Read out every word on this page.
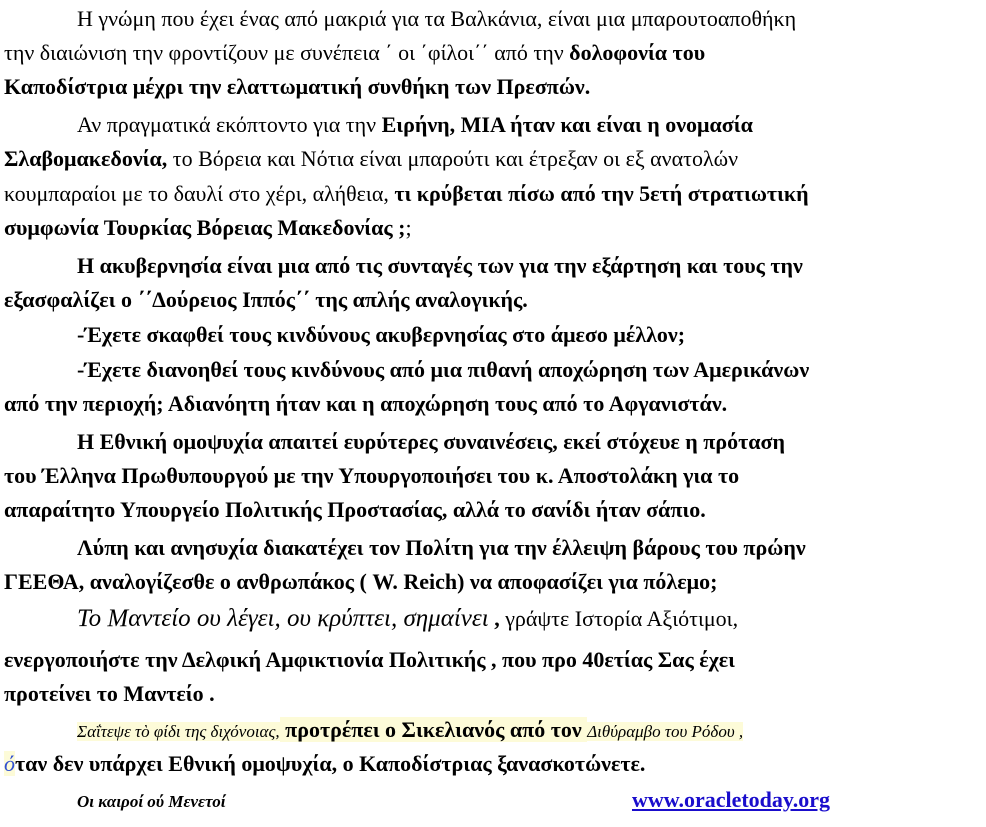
Η γνώμη που έχει ένας από μακριά για τα Βαλκάνια, είναι μια μπαρουτοαποθήκη
την διαιώνιση την φροντίζουν με συνέπεια ΄ οι ΄φίλοι΄΄ από την δολοφονία του
Καποδίστρια μέχρι την ελαττωματική συνθήκη των Πρεσπών.
Αν πραγματικά εκόπτοντο για την Ειρήνη, ΜΙΑ ήταν και είναι η ονομασία
Σλαβομακεδονία, το Βόρεια και Νότια είναι μπαρούτι και έτρεξαν οι εξ ανατολών
κουμπαραίοι με το δαυλί στο χέρι, αλήθεια, τι κρύβεται πίσω από την 5ετή στρατιωτική
συμφωνία Τουρκίας Βόρειας Μακεδονίας ;;
Η ακυβερνησία είναι μια από τις συνταγές των για την εξάρτηση και τους την
εξασφαλίζει ο ΄΄Δούρειος Ιππός΄΄ της απλής αναλογικής.
-Έχετε σκαφθεί τους κινδύνους ακυβερνησίας στο άμεσο μέλλον;
-Έχετε διανοηθεί τους κινδύνους από μια πιθανή αποχώρηση των Αμερικάνων
από την περιοχή; Αδιανόητη ήταν και η αποχώρηση τους από το Αφγανιστάν.
Η Εθνική ομοψυχία απαιτεί ευρύτερες συναινέσεις, εκεί στόχευε η πρόταση
του Έλληνα Πρωθυπουργού με την Υπουργοποιήσει του κ. Αποστολάκη για το
απαραίτητο Υπουργείο Πολιτικής Προστασίας, αλλά το σανίδι ήταν σάπιο.
Λύπη και ανησυχία διακατέχει τον Πολίτη για την έλλειψη βάρους του πρώην
ΓΕΕΘΑ, αναλογίζεσθε ο ανθρωπάκος ( W. Reich) να αποφασίζει για πόλεμο;
Το Μαντείο ου λέγει, ου κρύπτει, σημαίνει , γράψτε Ιστορία Αξιότιμοι,
ενεργοποιήστε την Δελφική Αμφικτιονία Πολιτικής , που προ 40ετίας Σας έχει
προτείνει το Μαντείο .
Σαΐτεψε τὸ φίδι της διχόνοιας, προτρέπει ο Σικελιανός από τον Διθύραμβο του Ρόδου ,
όταν δεν υπάρχει Εθνική ομοψυχία, ο Καποδίστριας ξανασκοτώνετε.
Οι καιροί ού Μενετοί	www.oracletoday.org
